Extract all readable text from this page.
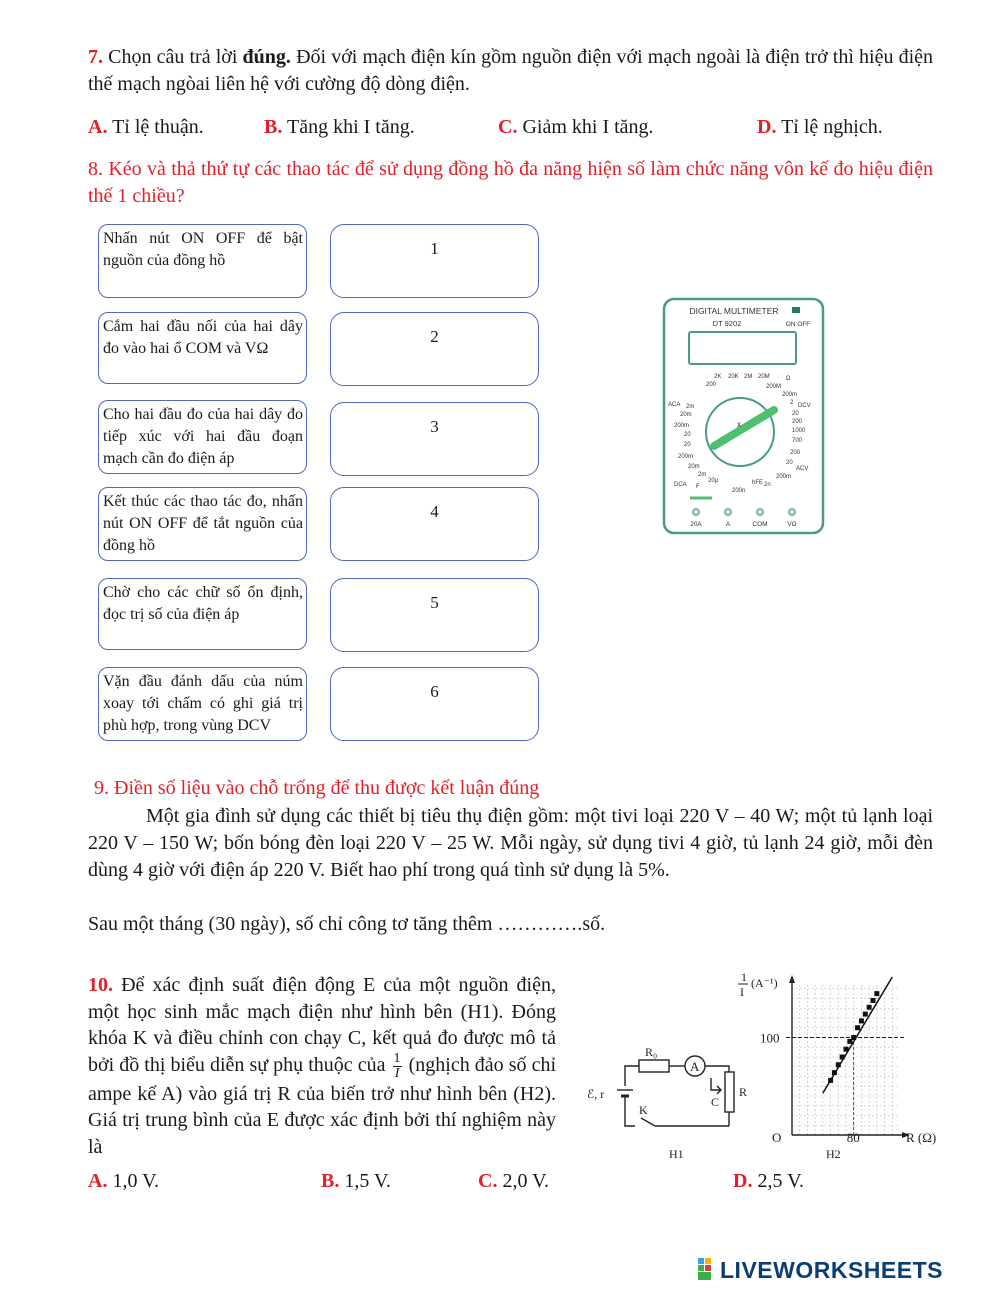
7. Chọn câu trả lời đúng. Đối với mạch điện kín gồm nguồn điện với mạch ngoài là điện trở thì hiệu điện thế mạch ngòai liên hệ với cường độ dòng điện.
A. Tỉ lệ thuận.	B. Tăng khi I tăng.	C. Giảm khi I tăng.	D. Tỉ lệ nghịch.
8. Kéo và thả thứ tự các thao tác để sử dụng đồng hồ đa năng hiện số làm chức năng vôn kế đo hiệu điện thế 1 chiều?
Nhấn nút ON OFF để bật nguồn của đồng hồ
Cắm hai đầu nối của hai dây đo vào hai ổ COM và VΩ
Cho hai đầu đo của hai dây đo tiếp xúc với hai đầu đoạn mạch cần đo điện áp
Kết thúc các thao tác đo, nhấn nút ON OFF để tắt nguồn của đồng hồ
Chờ cho các chữ số ổn định, đọc trị số của điện áp
Vặn đầu đánh dấu của núm xoay tới chấm có ghi giá trị phù hợp, trong vùng DCV
1
2
3
4
5
6
DIGITAL MULTIMETER
DT 9202	ON OFF
2K 20K 2M 20M	Ω
200	200M
200m
ACA 2m
20m
200m
20
20
200m
20m
DCA
2m
20μ
200n
F
2 DCV
20
200
1000
700
200
20
ACV
200m
2n
hFE
x
20A	A	COM	VΩ
9. Điền số liệu vào chỗ trống để thu được kết luận đúng
Một gia đình sử dụng các thiết bị tiêu thụ điện gồm: một tivi loại 220 V – 40 W; một tủ lạnh loại 220 V – 150 W; bốn bóng đèn loại 220 V – 25 W. Mỗi ngày, sử dụng tivi 4 giờ, tủ lạnh 24 giờ, mỗi đèn dùng 4 giờ với điện áp 220 V. Biết hao phí trong quá tình sử dụng là 5%.
Sau một tháng (30 ngày), số chỉ công tơ tăng thêm ………….số.
10. Để xác định suất điện động E của một nguồn điện, một học sinh mắc mạch điện như hình bên (H1). Đóng khóa K và điều chỉnh con chạy C, kết quả đo được mô tả bởi đồ thị biểu diễn sự phụ thuộc của $\frac{1}{I}$ (nghịch đảo số chỉ ampe kế A) vào giá trị R của biến trở như hình bên (H2). Giá trị trung bình của E được xác định bởi thí nghiệm này là
R₀
A
ℰ, r
K
C
R
H1
1
I
(A⁻¹)
100
80	R (Ω)
O
H2
A. 1,0 V.	B. 1,5 V.	C. 2,0 V.	D. 2,5 V.
LIVEWORKSHEETS
